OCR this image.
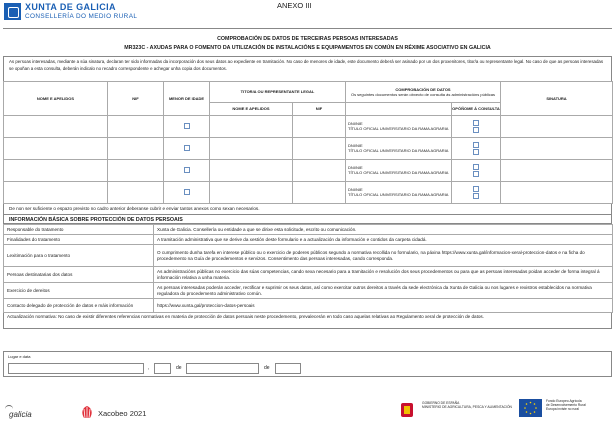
XUNTA DE GALICIA
CONSELLERÍA DO MEDIO RURAL
ANEXO III
COMPROBACIÓN DE DATOS DE TERCEIRAS PERSOAS INTERESADAS
MR323C - AXUDAS PARA O FOMENTO DA UTILIZACIÓN DE INSTALACIÓNS E EQUIPAMENTOS EN COMÚN EN RÉXIME ASOCIATIVO EN GALICIA
As persoas interesadas, mediante a súa sinatura, declaran ter sido informadas da incorporación dos seus datos ao expediente en tramitación. No caso de menores de idade, este documento deberá ser asinado por un dos proxenitores, titor/a ou representante legal. No caso de que as persoas interesadas se opoñan a esta consulta, deberán indicalo no recadro correspondente e achegar unha copia dos documentos.
NOME E APELIDOS	NIF	MENOR DE IDADE	TITOR/A OU REPRESENTANTE LEGAL		COMPROBACIÓN DE DATOS
Os seguintes documentos serán obxecto de consulta ás administracións públicas		SINATURA
			NOME E APELIDOS	NIF		OPÓÑOME Á CONSULTA	

					DNI/NIE
TÍTULO OFICIAL UNIVERSITARIO DA RAMA AGRARIA		

					DNI/NIE
TÍTULO OFICIAL UNIVERSITARIO DA RAMA AGRARIA		

					DNI/NIE
TÍTULO OFICIAL UNIVERSITARIO DA RAMA AGRARIA		

					DNI/NIE
TÍTULO OFICIAL UNIVERSITARIO DA RAMA AGRARIA		

De non ser suficiente o espazo previsto no cadro anterior deberanse cubrir e enviar tantos anexos como sexan necesarios.
INFORMACIÓN BÁSICA SOBRE PROTECCIÓN DE DATOS PERSOAIS
Responsable do tratamento	Xunta de Galicia. Consellería ou entidade a que se dirixe esta solicitude, escrito ou comunicación.
Finalidades do tratamento	A tramitación administrativa que se derive da xestión deste formulario e a actualización da información e contidos da carpeta cidadá.
Lexitimación para o tratamento	O cumprimento dunha tarefa en interese público ou o exercicio de poderes públicos segundo a normativa recollida no formulario, na páxina https://www.xunta.gal/informacion-xeral-proteccion-datos e na ficha do procedemento na Guía de procedementos e servizos. Consentimento das persoas interesadas, cando corresponda.
Persoas destinatarias dos datos	As administracións públicas no exercicio das súas competencias, cando sexa necesario para a tramitación e resolución dos seus procedementos ou para que as persoas interesadas poidan acceder de forma integral á información relativa a unha materia.
Exercicio de dereitos	As persoas interesadas poderán acceder, rectificar e suprimir os seus datos, así como exercitar outros dereitos a través da sede electrónica da Xunta de Galicia ou nos lugares e rexistros establecidos na normativa reguladora do procedemento administrativo común.
Contacto delegado de protección de datos e máis información	https://www.xunta.gal/proteccion-datos-persoais
Actualización normativa: No caso de existir diferentes referencias normativas en materia de protección de datos persoais neste procedemento, prevalecerán en todo caso aquelas relativas ao Regulamento xeral de protección de datos.
Lugar e data
,	de	de
galicia	Xacobeo 2021
GOBIERNO DE ESPAÑA
MINISTERIO DE AGRICULTURA, PESCA Y ALIMENTACIÓN
Fondo Europeo Agrícola
de Desenvolvemento Rural
Europa inviste no rural
